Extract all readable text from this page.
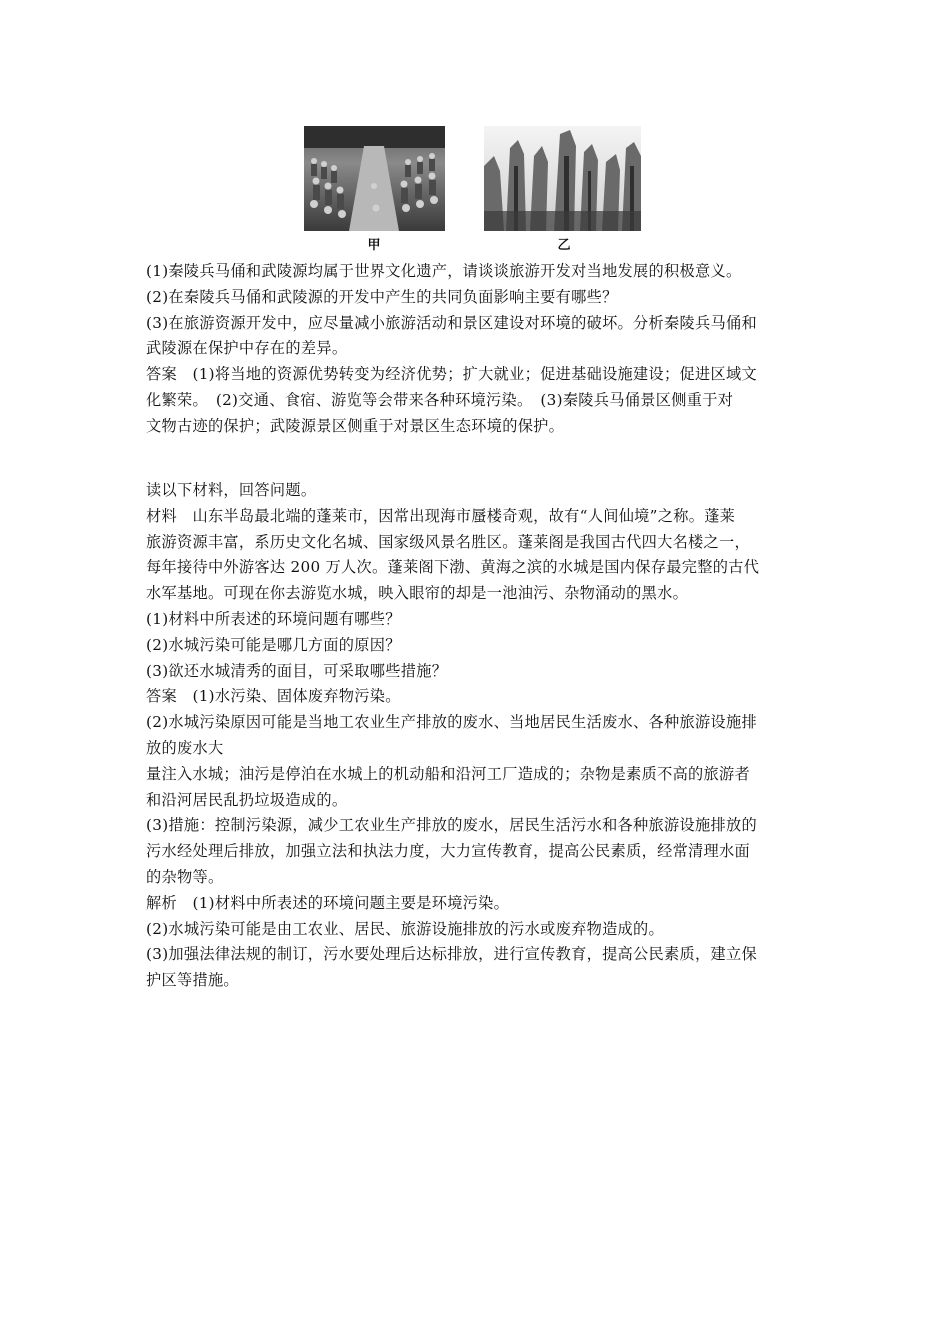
甲	乙
(1)秦陵兵马俑和武陵源均属于世界文化遗产，请谈谈旅游开发对当地发展的积极意义。
(2)在秦陵兵马俑和武陵源的开发中产生的共同负面影响主要有哪些？
(3)在旅游资源开发中，应尽量减小旅游活动和景区建设对环境的破坏。分析秦陵兵马俑和
武陵源在保护中存在的差异。
答案　(1)将当地的资源优势转变为经济优势；扩大就业；促进基础设施建设；促进区域文
化繁荣。　(2)交通、食宿、游览等会带来各种环境污染。　(3)秦陵兵马俑景区侧重于对
文物古迹的保护；武陵源景区侧重于对景区生态环境的保护。
读以下材料，回答问题。
材料　山东半岛最北端的蓬莱市，因常出现海市蜃楼奇观，故有“人间仙境”之称。蓬莱
旅游资源丰富，系历史文化名城、国家级风景名胜区。蓬莱阁是我国古代四大名楼之一，
每年接待中外游客达 200 万人次。蓬莱阁下渤、黄海之滨的水城是国内保存最完整的古代
水军基地。可现在你去游览水城，映入眼帘的却是一池油污、杂物涌动的黑水。
(1)材料中所表述的环境问题有哪些？
(2)水城污染可能是哪几方面的原因？
(3)欲还水城清秀的面目，可采取哪些措施？
答案　(1)水污染、固体废弃物污染。
(2)水城污染原因可能是当地工农业生产排放的废水、当地居民生活废水、各种旅游设施排
放的废水大
量注入水城；油污是停泊在水城上的机动船和沿河工厂造成的；杂物是素质不高的旅游者
和沿河居民乱扔垃圾造成的。
(3)措施：控制污染源，减少工农业生产排放的废水，居民生活污水和各种旅游设施排放的
污水经处理后排放，加强立法和执法力度，大力宣传教育，提高公民素质，经常清理水面
的杂物等。
解析　(1)材料中所表述的环境问题主要是环境污染。
(2)水城污染可能是由工农业、居民、旅游设施排放的污水或废弃物造成的。
(3)加强法律法规的制订，污水要处理后达标排放，进行宣传教育，提高公民素质，建立保
护区等措施。
